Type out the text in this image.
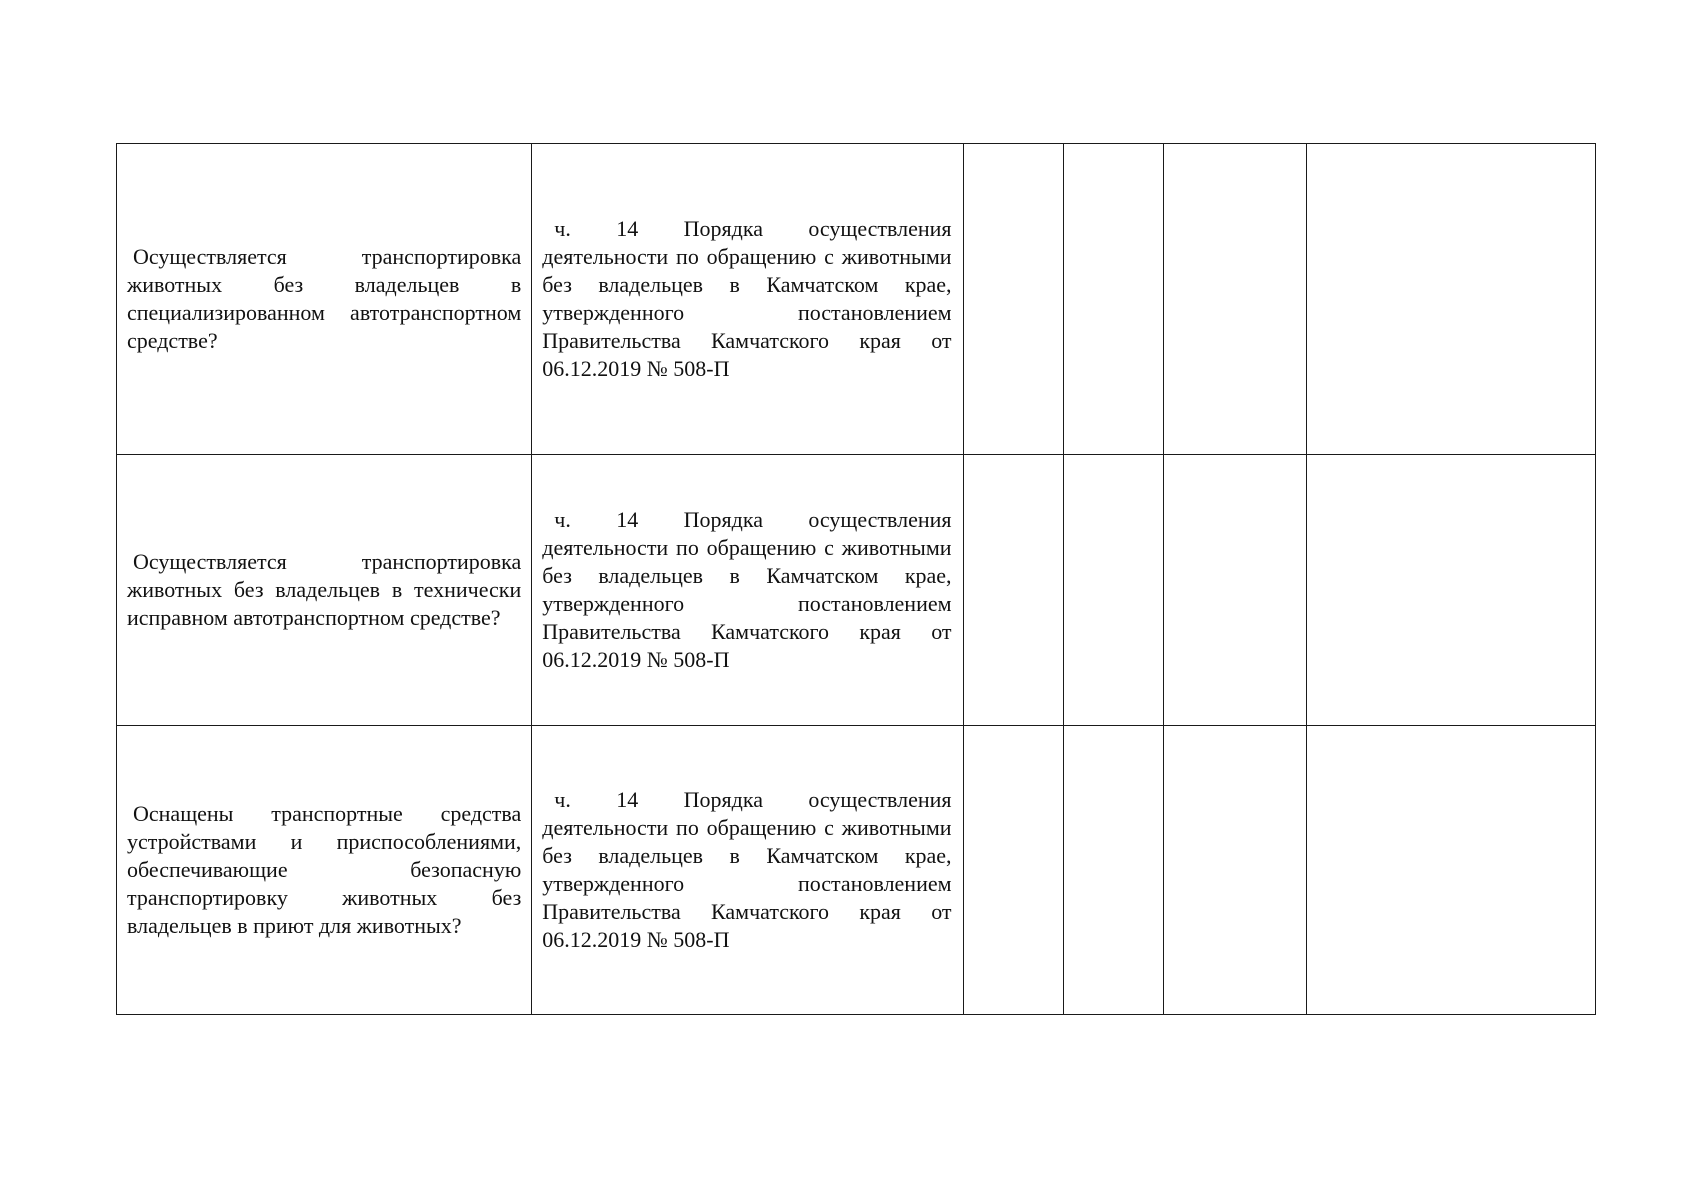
Осуществляется транспортировка животных без владельцев в специализированном автотранспортном средстве?	ч. 14 Порядка осуществления деятельности по обращению с животными без владельцев в Камчатском крае, утвержденного постановлением Правительства Камчатского края от 06.12.2019 № 508-П				

Осуществляется транспортировка животных без владельцев в технически исправном автотранспортном средстве?	ч. 14 Порядка осуществления деятельности по обращению с животными без владельцев в Камчатском крае, утвержденного постановлением Правительства Камчатского края от 06.12.2019 № 508-П				

Оснащены транспортные средства устройствами и приспособлениями, обеспечивающие безопасную транспортировку животных без владельцев в приют для животных?	ч. 14 Порядка осуществления деятельности по обращению с животными без владельцев в Камчатском крае, утвержденного постановлением Правительства Камчатского края от 06.12.2019 № 508-П				
